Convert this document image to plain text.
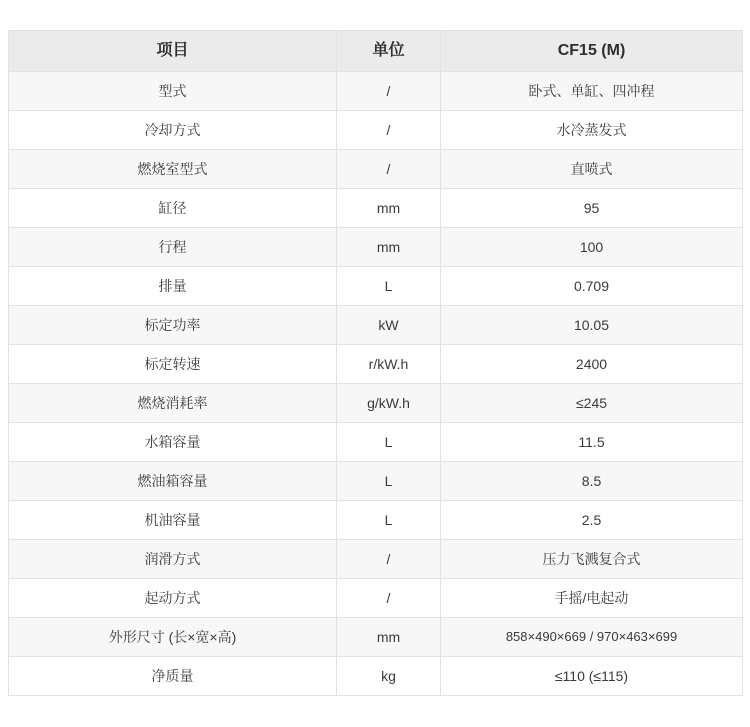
项目	单位	CF15 (M)
型式	/	卧式、单缸、四冲程
冷却方式	/	水冷蒸发式
燃烧室型式	/	直喷式
缸径	mm	95
行程	mm	100
排量	L	0.709
标定功率	kW	10.05
标定转速	r/kW.h	2400
燃烧消耗率	g/kW.h	≤245
水箱容量	L	11.5
燃油箱容量	L	8.5
机油容量	L	2.5
润滑方式	/	压力飞溅复合式
起动方式	/	手摇/电起动
外形尺寸 (长×宽×高)	mm	858×490×669 / 970×463×699
净质量	kg	≤110 (≤115)
